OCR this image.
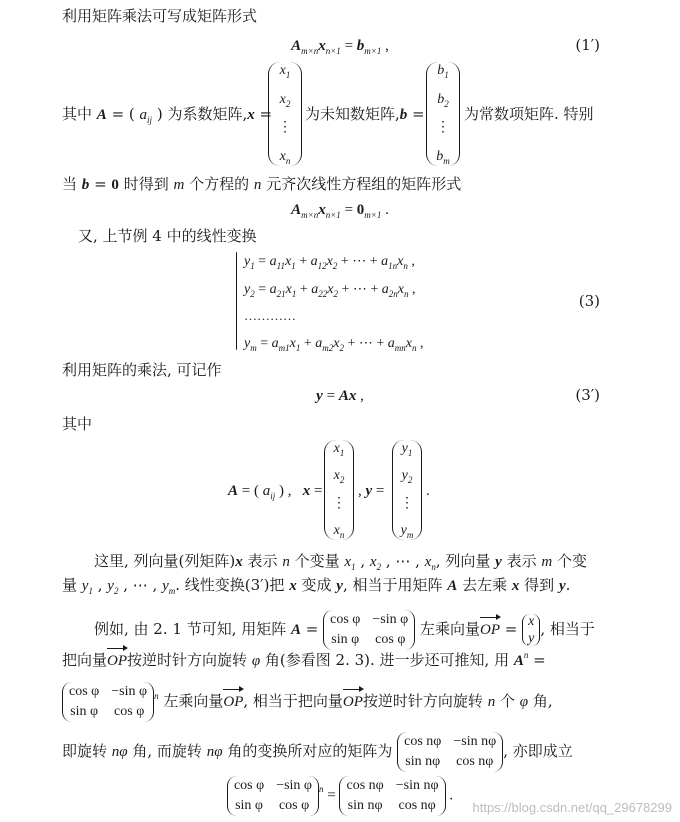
利用矩阵乘法可写成矩阵形式
$A_{m\times n}x_{n\times 1} = b_{m\times 1}$ ,	(1′)
其中 A = ( $a_{ij}$ ) 为系数矩阵,x =
$x_1$
$x_2$
⋮
$x_n$
为未知数矩阵,b =
$b_1$
$b_2$
⋮
$b_m$
为常数项矩阵. 特别
当 b = 0 时得到 m 个方程的 n 元齐次线性方程组的矩阵形式
$A_{m\times n}x_{n\times 1} = 0_{m\times 1}$ .
又, 上节例 4 中的线性变换
$y_1 = a_{11}x_1 + a_{12}x_2$ + ⋯ + $a_{1n}x_n$ ,
$y_2 = a_{21}x_1 + a_{22}x_2$ + ⋯ + $a_{2n}x_n$ ,
…………
$y_m = a_{m1}x_1 + a_{m2}x_2$ + ⋯ + $a_{mn}x_n$ ,
(3)
利用矩阵的乘法, 可记作
y = Ax ,	(3′)
其中
A = ( $a_{ij}$ ) ,   x =
$x_1$
$x_2$
⋮
$x_n$
, y =
$y_1$
$y_2$
⋮
$y_m$
.
这里, 列向量(列矩阵)x 表示 n 个变量 $x_1$ , $x_2$ , ⋯ , $x_n$, 列向量 y 表示 m 个变
量 $y_1$ , $y_2$ , ⋯ , $y_m$. 线性变换(3′)把 x 变成 y, 相当于用矩阵 A 去左乘 x 得到 y.
例如, 由 2. 1 节可知, 用矩阵 A =
cos φ −sin φ
sin φ cos φ
左乘向量OP = x
y
, 相当于
把向量OP按逆时针方向旋转 φ 角(参看图 2. 3). 进一步还可推知, 用 $A^n$ =
cos φ −sin φ
sin φ cos φ
$^n$ 左乘向量OP, 相当于把向量OP按逆时针方向旋转 n 个 φ 角,
即旋转 nφ 角, 而旋转 nφ 角的变换所对应的矩阵为
cos nφ −sin nφ
sin nφ cos nφ
, 亦即成立
cos φ −sin φ
sin φ cos φ
$^n$ =
cos nφ −sin nφ
sin nφ cos nφ
.
https://blog.csdn.net/qq_29678299
